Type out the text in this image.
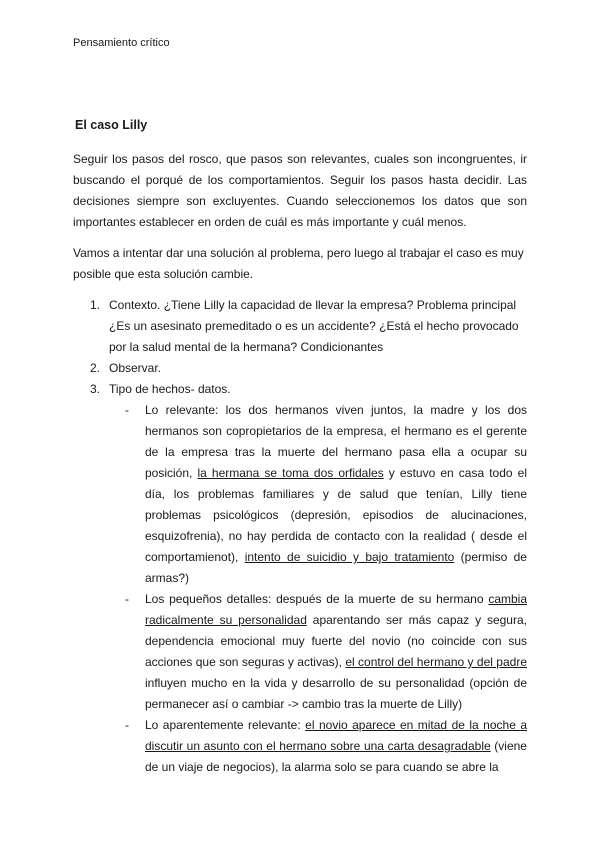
Pensamiento crítico
El caso Lilly
Seguir los pasos del rosco, que pasos son relevantes, cuales son incongruentes, ir buscando el porqué de los comportamientos. Seguir los pasos hasta decidir. Las decisiones siempre son excluyentes. Cuando seleccionemos los datos que son importantes establecer en orden de cuál es más importante y cuál menos.
Vamos a intentar dar una solución al problema, pero luego al trabajar el caso es muy posible que esta solución cambie.
1. Contexto. ¿Tiene Lilly la capacidad de llevar la empresa? Problema principal ¿Es un asesinato premeditado o es un accidente? ¿Está el hecho provocado por la salud mental de la hermana? Condicionantes
2. Observar.
3. Tipo de hechos- datos.
- Lo relevante: los dos hermanos viven juntos, la madre y los dos hermanos son copropietarios de la empresa, el hermano es el gerente de la empresa tras la muerte del hermano pasa ella a ocupar su posición, la hermana se toma dos orfidales y estuvo en casa todo el día, los problemas familiares y de salud que tenían, Lilly tiene problemas psicológicos (depresión, episodios de alucinaciones, esquizofrenia), no hay perdida de contacto con la realidad ( desde el comportamienot), intento de suicidio y bajo tratamiento (permiso de armas?)
- Los pequeños detalles: después de la muerte de su hermano cambia radicalmente su personalidad aparentando ser más capaz y segura, dependencia emocional muy fuerte del novio (no coincide con sus acciones que son seguras y activas), el control del hermano y del padre influyen mucho en la vida y desarrollo de su personalidad (opción de permanecer así o cambiar -> cambio tras la muerte de Lilly)
- Lo aparentemente relevante: el novio aparece en mitad de la noche a discutir un asunto con el hermano sobre una carta desagradable (viene de un viaje de negocios), la alarma solo se para cuando se abre la
